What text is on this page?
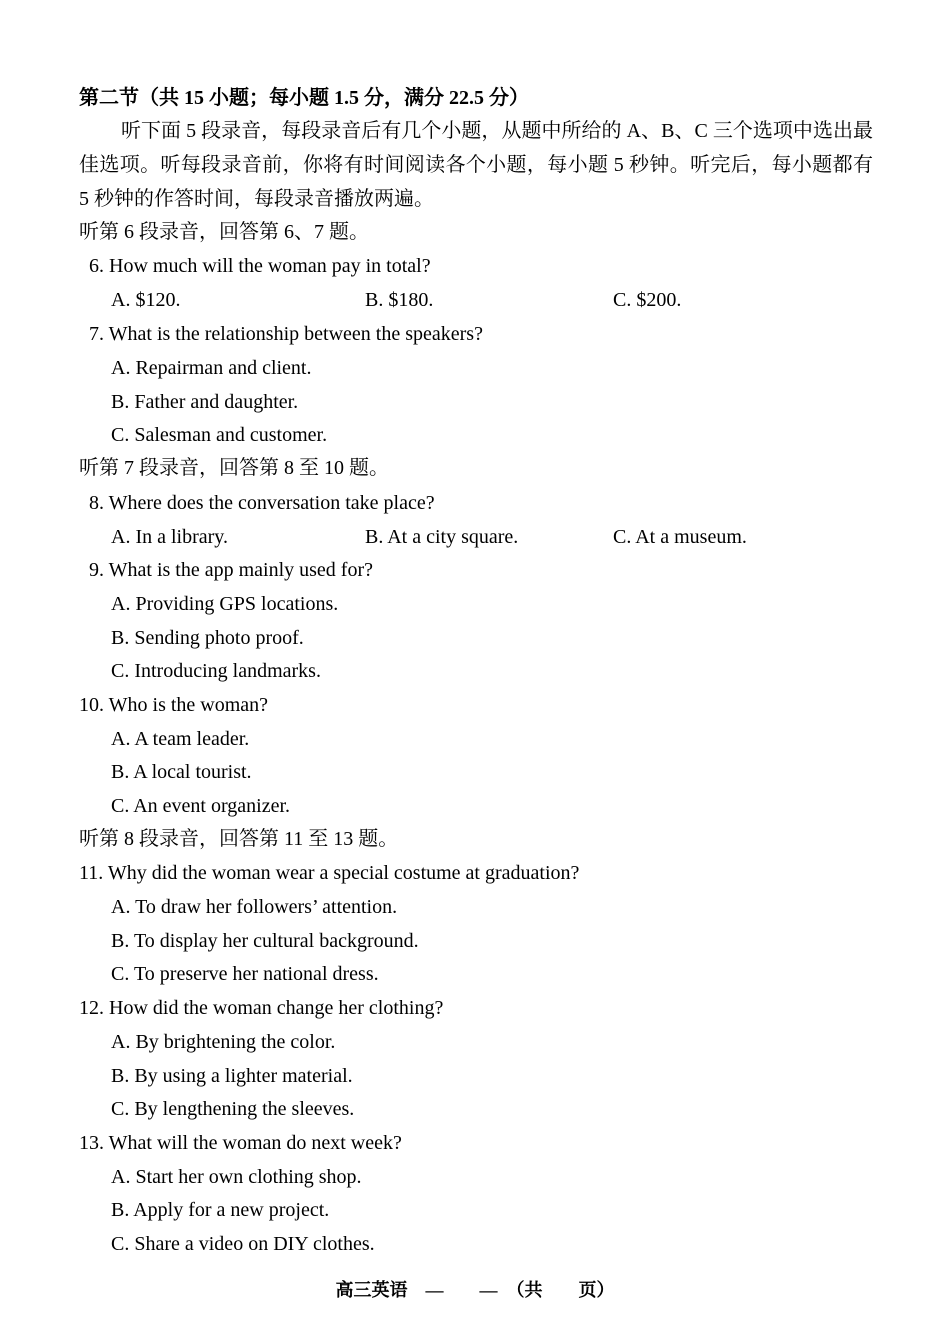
第二节（共 15 小题；每小题 1.5 分，满分 22.5 分）
听下面 5 段录音，每段录音后有几个小题，从题中所给的 A、B、C 三个选项中选出最佳选项。听每段录音前，你将有时间阅读各个小题，每小题 5 秒钟。听完后，每小题都有 5 秒钟的作答时间，每段录音播放两遍。
听第 6 段录音，回答第 6、7 题。
6. How much will the woman pay in total?
A. $120.	B. $180.	C. $200.
7. What is the relationship between the speakers?
A. Repairman and client.
B. Father and daughter.
C. Salesman and customer.
听第 7 段录音，回答第 8 至 10 题。
8. Where does the conversation take place?
A. In a library.	B. At a city square.	C. At a museum.
9. What is the app mainly used for?
A. Providing GPS locations.
B. Sending photo proof.
C. Introducing landmarks.
10. Who is the woman?
A. A team leader.
B. A local tourist.
C. An event organizer.
听第 8 段录音，回答第 11 至 13 题。
11. Why did the woman wear a special costume at graduation?
A. To draw her followers’ attention.
B. To display her cultural background.
C. To preserve her national dress.
12. How did the woman change her clothing?
A. By brightening the color.
B. By using a lighter material.
C. By lengthening the sleeves.
13. What will the woman do next week?
A. Start her own clothing shop.
B. Apply for a new project.
C. Share a video on DIY clothes.
高三英语　—　　—　（共　　页）
